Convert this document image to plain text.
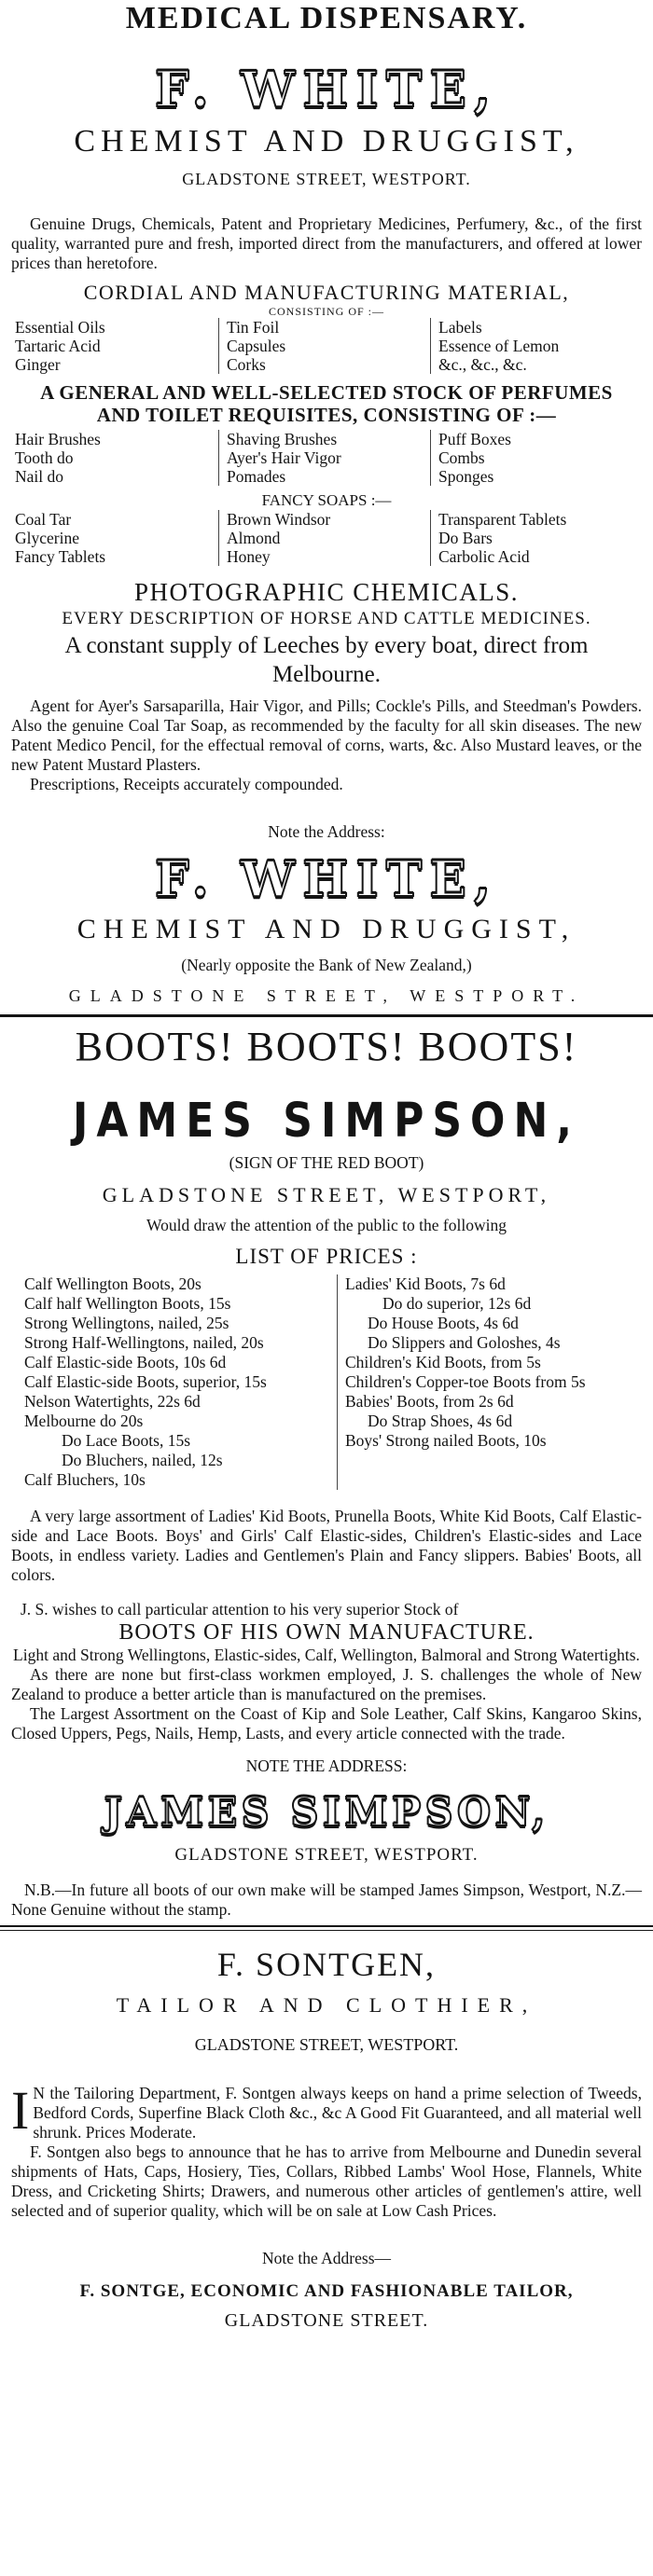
MEDICAL DISPENSARY.
F. WHITE,
CHEMIST AND DRUGGIST,
GLADSTONE STREET, WESTPORT.

Genuine Drugs, Chemicals, Patent and Proprietary Medicines, Perfumery, &c., of the first quality, warranted pure and fresh, imported direct from the manufacturers, and offered at lower prices than heretofore.

CORDIAL AND MANUFACTURING MATERIAL,
CONSISTING OF :—
Essential Oils
Tartaric Acid
Ginger
Tin Foil
Capsules
Corks
Labels
Essence of Lemon
&c., &c., &c.
A GENERAL AND WELL-SELECTED STOCK OF PERFUMES
AND TOILET REQUISITES, CONSISTING OF :—
Hair Brushes
Tooth do
Nail do
Shaving Brushes
Ayer's Hair Vigor
Pomades
Puff Boxes
Combs
Sponges
FANCY SOAPS :—
Coal Tar
Glycerine
Fancy Tablets
Brown Windsor
Almond
Honey
Transparent Tablets
Do Bars
Carbolic Acid
PHOTOGRAPHIC CHEMICALS.
EVERY DESCRIPTION OF HORSE AND CATTLE MEDICINES.
A constant supply of Leeches by every boat, direct from Melbourne.

Agent for Ayer's Sarsaparilla, Hair Vigor, and Pills; Cockle's Pills, and Steedman's Powders. Also the genuine Coal Tar Soap, as recommended by the faculty for all skin diseases. The new Patent Medico Pencil, for the effectual removal of corns, warts, &c. Also Mustard leaves, or the new Patent Mustard Plasters.

Prescriptions, Receipts accurately compounded.

Note the Address:
F. WHITE,
CHEMIST AND DRUGGIST,
(Nearly opposite the Bank of New Zealand,)
GLADSTONE STREET, WESTPORT.
BOOTS! BOOTS! BOOTS!
JAMES SIMPSON,
(SIGN OF THE RED BOOT)
GLADSTONE STREET, WESTPORT,
Would draw the attention of the public to the following
LIST OF PRICES :
Calf Wellington Boots, 20s
Calf half Wellington Boots, 15s
Strong Wellingtons, nailed, 25s
Strong Half-Wellingtons, nailed, 20s
Calf Elastic-side Boots, 10s 6d
Calf Elastic-side Boots, superior, 15s
Nelson Watertights, 22s 6d
Melbourne do 20s
Do Lace Boots, 15s
Do Bluchers, nailed, 12s
Calf Bluchers, 10s
Ladies' Kid Boots, 7s 6d
Do do superior, 12s 6d
Do House Boots, 4s 6d
Do Slippers and Goloshes, 4s
Children's Kid Boots, from 5s
Children's Copper-toe Boots from 5s
Babies' Boots, from 2s 6d
Do Strap Shoes, 4s 6d
Boys' Strong nailed Boots, 10s

A very large assortment of Ladies' Kid Boots, Prunella Boots, White Kid Boots, Calf Elastic-side and Lace Boots. Boys' and Girls' Calf Elastic-sides, Children's Elastic-sides and Lace Boots, in endless variety. Ladies and Gentlemen's Plain and Fancy slippers. Babies' Boots, all colors.

J. S. wishes to call particular attention to his very superior Stock of

BOOTS OF HIS OWN MANUFACTURE.

Light and Strong Wellingtons, Elastic-sides, Calf, Wellington, Balmoral and Strong Watertights.

As there are none but first-class workmen employed, J. S. challenges the whole of New Zealand to produce a better article than is manufactured on the premises.

The Largest Assortment on the Coast of Kip and Sole Leather, Calf Skins, Kangaroo Skins, Closed Uppers, Pegs, Nails, Hemp, Lasts, and every article connected with the trade.

NOTE THE ADDRESS:
JAMES SIMPSON,
GLADSTONE STREET, WESTPORT.

N.B.—In future all boots of our own make will be stamped James Simpson, Westport, N.Z.—None Genuine without the stamp.

F. SONTGEN,
TAILOR AND CLOTHIER,
GLADSTONE STREET, WESTPORT.
I N the Tailoring Department, F. Sontgen always keeps on hand a prime selection of Tweeds, Bedford Cords, Superfine Black Cloth &c., &c A Good Fit Guaranteed, and all material well shrunk. Prices Moderate.

F. Sontgen also begs to announce that he has to arrive from Melbourne and Dunedin several shipments of Hats, Caps, Hosiery, Ties, Collars, Ribbed Lambs' Wool Hose, Flannels, White Dress, and Cricketing Shirts; Drawers, and numerous other articles of gentlemen's attire, well selected and of superior quality, which will be on sale at Low Cash Prices.

Note the Address—
F. SONTGE, ECONOMIC AND FASHIONABLE TAILOR,
GLADSTONE STREET.
